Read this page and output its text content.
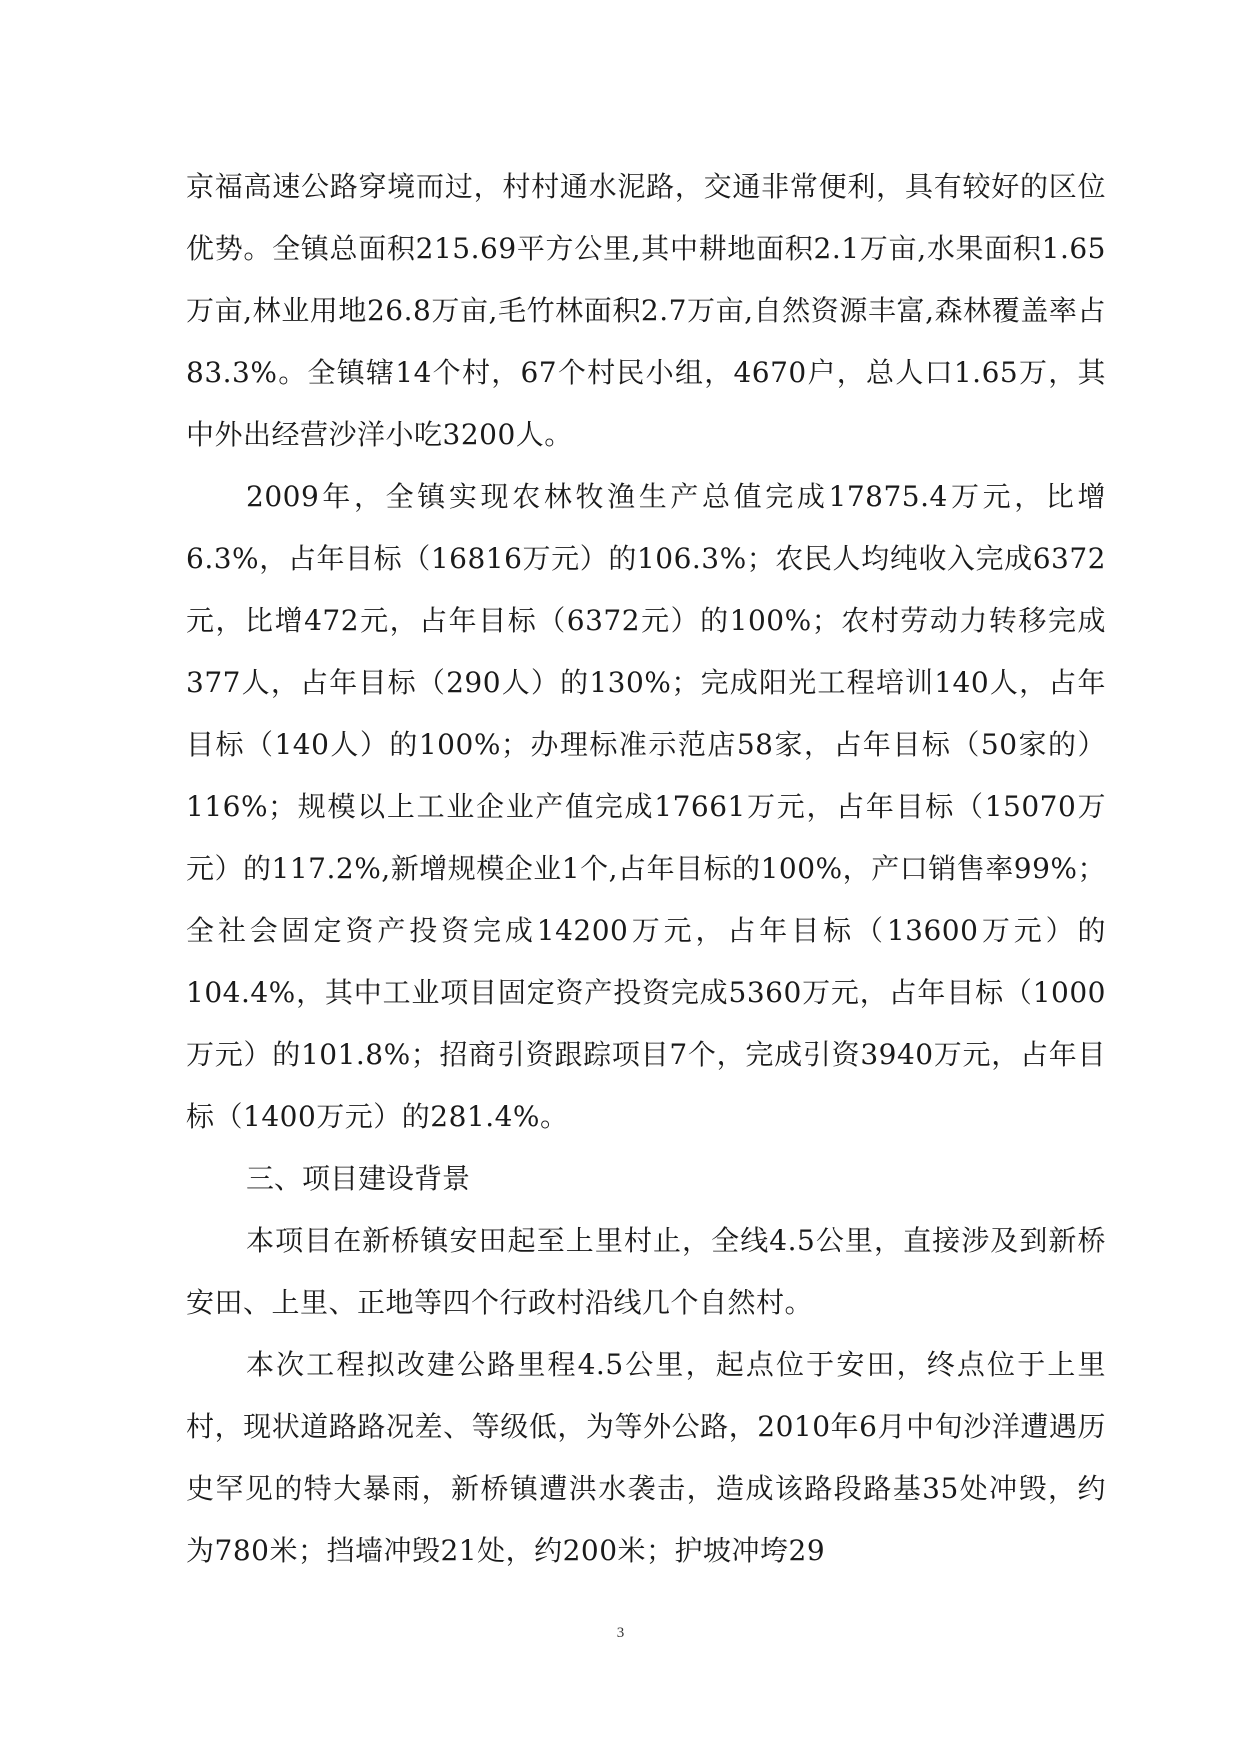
京福高速公路穿境而过，村村通水泥路，交通非常便利，具有较好的区位优势。全镇总面积215.69平方公里,其中耕地面积2.1万亩,水果面积1.65万亩,林业用地26.8万亩,毛竹林面积2.7万亩,自然资源丰富,森林覆盖率占83.3%。全镇辖14个村，67个村民小组，4670户，总人口1.65万，其中外出经营沙洋小吃3200人。

2009年，全镇实现农林牧渔生产总值完成17875.4万元，比增6.3%，占年目标（16816万元）的106.3%；农民人均纯收入完成6372元，比增472元，占年目标（6372元）的100%；农村劳动力转移完成377人，占年目标（290人）的130%；完成阳光工程培训140人，占年目标（140人）的100%；办理标准示范店58家，占年目标（50家的）116%；规模以上工业企业产值完成17661万元，占年目标（15070万元）的117.2%,新增规模企业1个,占年目标的100%，产口销售率99%；全社会固定资产投资完成14200万元，占年目标（13600万元）的104.4%，其中工业项目固定资产投资完成5360万元，占年目标（1000万元）的101.8%；招商引资跟踪项目7个，完成引资3940万元，占年目标（1400万元）的281.4%。

三、项目建设背景

本项目在新桥镇安田起至上里村止，全线4.5公里，直接涉及到新桥安田、上里、正地等四个行政村沿线几个自然村。

本次工程拟改建公路里程4.5公里，起点位于安田，终点位于上里村，现状道路路况差、等级低，为等外公路，2010年6月中旬沙洋遭遇历史罕见的特大暴雨，新桥镇遭洪水袭击，造成该路段路基35处冲毁，约为780米；挡墙冲毁21处，约200米；护坡冲垮29

3
